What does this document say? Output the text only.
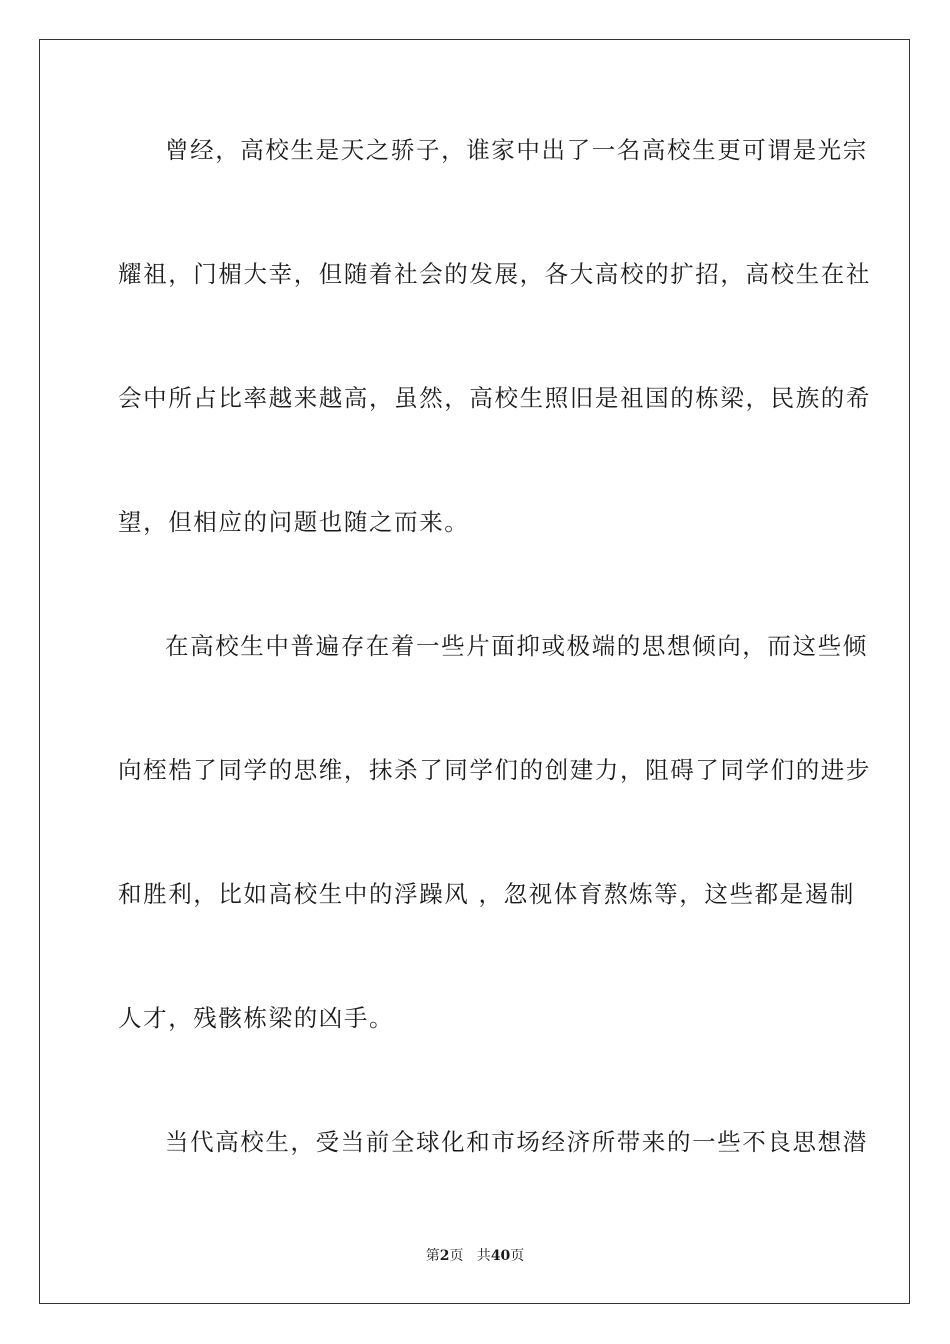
曾经，高校生是天之骄子，谁家中出了一名高校生更可谓是光宗
耀祖，门楣大幸，但随着社会的发展，各大高校的扩招，高校生在社
会中所占比率越来越高，虽然，高校生照旧是祖国的栋梁，民族的希
望，但相应的问题也随之而来。
在高校生中普遍存在着一些片面抑或极端的思想倾向，而这些倾
向桎梏了同学的思维，抹杀了同学们的创建力，阻碍了同学们的进步
和胜利，比如高校生中的浮躁风 ，忽视体育熬炼等，这些都是遏制
人才，残骸栋梁的凶手。
当代高校生，受当前全球化和市场经济所带来的一些不良思想潜
第2页   共40页
